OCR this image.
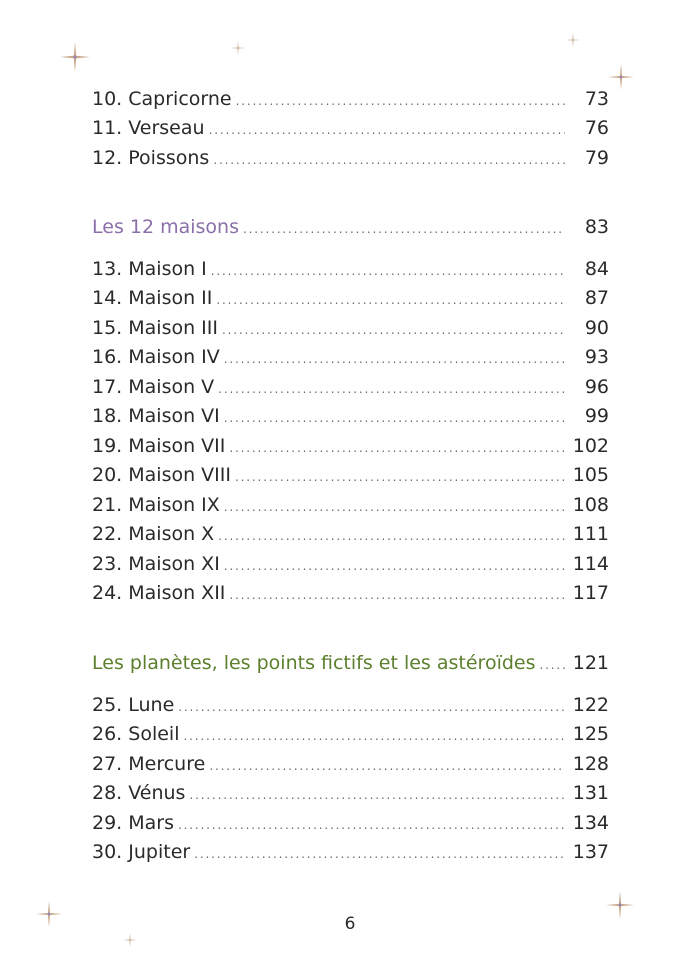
10. Capricorne . . .	73
11. Verseau . . .	76
12. Poissons . . .	79
Les 12 maisons . . .	83
13. Maison I . . .	84
14. Maison II . . .	87
15. Maison III . . .	90
16. Maison IV . . .	93
17. Maison V . . .	96
18. Maison VI . . .	99
19. Maison VII . . .	102
20. Maison VIII . . .	105
21. Maison IX . . .	108
22. Maison X . . .	111
23. Maison XI . . .	114
24. Maison XII . . .	117
Les planètes, les points fictifs et les astéroïdes . . . 121
25. Lune . . .	122
26. Soleil . . .	125
27. Mercure . . .	128
28. Vénus . . .	131
29. Mars . . .	134
30. Jupiter . . .	137
6
